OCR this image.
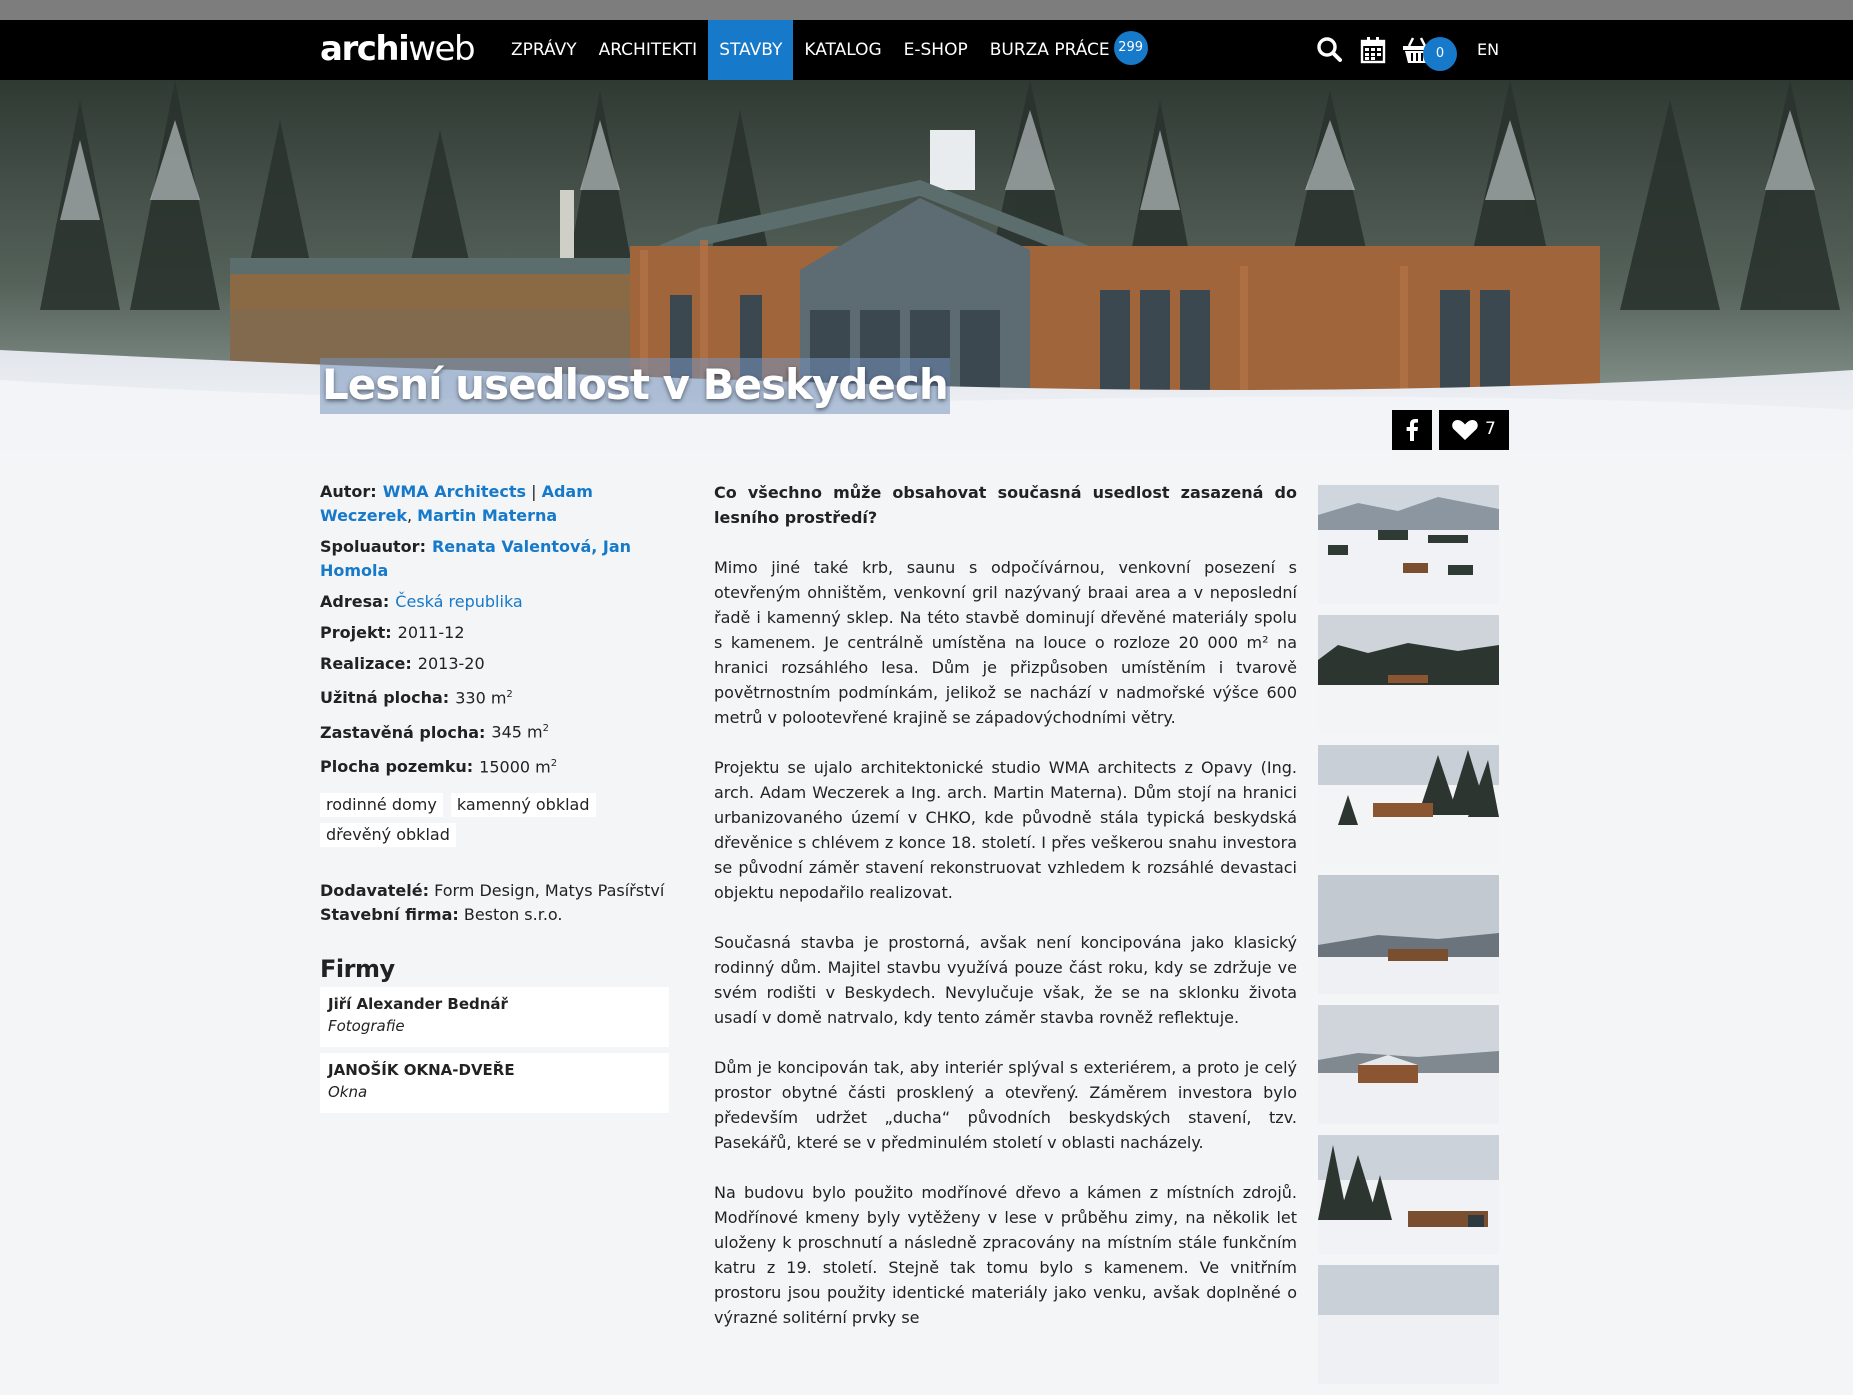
archiweb	ZPRÁVY	ARCHITEKTI	STAVBY	KATALOG	E-SHOP	BURZA PRÁCE 299	0	EN
Lesní usedlost v Beskydech
7
Autor: WMA Architects | Adam Weczerek, Martin Materna
Spoluautor: Renata Valentová, Jan Homola
Adresa: Česká republika
Projekt: 2011-12
Realizace: 2013-20
Užitná plocha: 330 $m^2$
Zastavěná plocha: 345 $m^2$
Plocha pozemku: 15000 $m^2$
rodinné domy	kamenný obklad
dřevěný obklad
Dodavatelé: Form Design, Matys Pasířství
Stavební firma: Beston s.r.o.
Firmy
Jiří Alexander Bednář
Fotografie
JANOŠÍK OKNA-DVEŘE
Okna

Co všechno může obsahovat současná usedlost zasazená do lesního prostředí?

Mimo jiné také krb, saunu s odpočívárnou, venkovní posezení s otevřeným ohništěm, venkovní gril nazývaný braai area a v neposlední řadě i kamenný sklep. Na této stavbě dominují dřevěné materiály spolu s kamenem. Je centrálně umístěna na louce o rozloze 20 000 m² na hranici rozsáhlého lesa. Dům je přizpůsoben umístěním i tvarově povětrnostním podmínkám, jelikož se nachází v nadmořské výšce 600 metrů v polootevřené krajině se západovýchodními větry.

Projektu se ujalo architektonické studio WMA architects z Opavy (Ing. arch. Adam Weczerek a Ing. arch. Martin Materna). Dům stojí na hranici urbanizovaného území v CHKO, kde původně stála typická beskydská dřevěnice s chlévem z konce 18. století. I přes veškerou snahu investora se původní záměr stavení rekonstruovat vzhledem k rozsáhlé devastaci objektu nepodařilo realizovat.

Současná stavba je prostorná, avšak není koncipována jako klasický rodinný dům. Majitel stavbu využívá pouze část roku, kdy se zdržuje ve svém rodišti v Beskydech. Nevylučuje však, že se na sklonku života usadí v domě natrvalo, kdy tento záměr stavba rovněž reflektuje.

Dům je koncipován tak, aby interiér splýval s exteriérem, a proto je celý prostor obytné části prosklený a otevřený. Záměrem investora bylo především udržet „ducha“ původních beskydských stavení, tzv. Pasekářů, které se v předminulém století v oblasti nacházely.

Na budovu bylo použito modřínové dřevo a kámen z místních zdrojů. Modřínové kmeny byly vytěženy v lese v průběhu zimy, na několik let uloženy k proschnutí a následně zpracovány na místním stále funkčním katru z 19. století. Stejně tak tomu bylo s kamenem. Ve vnitřním prostoru jsou použity identické materiály jako venku, avšak doplněné o výrazné solitérní prvky se
